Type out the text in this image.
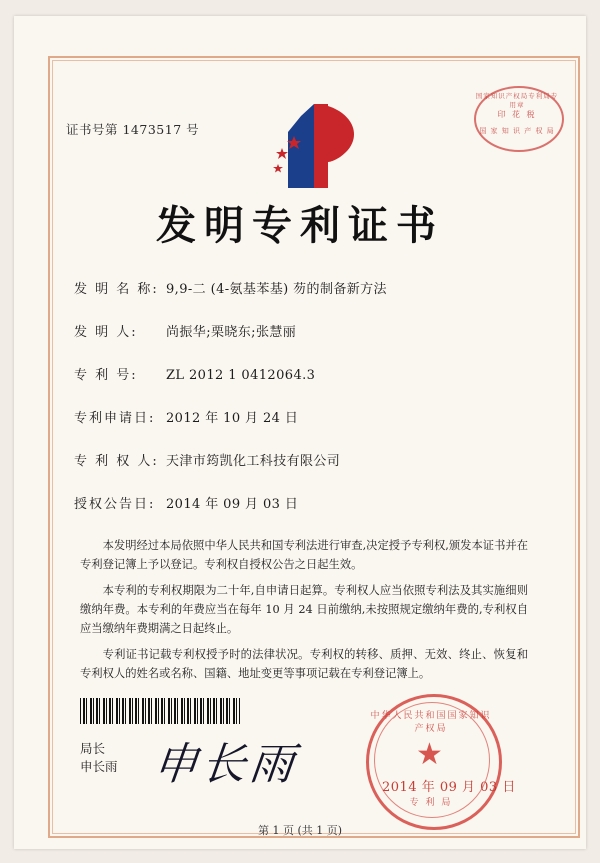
国家知识产权局专利局专用章
印 花 税
国 家 知 识 产 权 局
证书号第 1473517 号
发明专利证书
发 明 名 称: 9,9-二 (4-氨基苯基) 芴的制备新方法
发 明 人:	尚振华;栗晓东;张慧丽
专 利 号:	ZL 2012 1 0412064.3
专利申请日: 2012 年 10 月 24 日
专 利 权 人: 天津市筠凯化工科技有限公司
授权公告日: 2014 年 09 月 03 日

本发明经过本局依照中华人民共和国专利法进行审查,决定授予专利权,颁发本证书并在专利登记簿上予以登记。专利权自授权公告之日起生效。

本专利的专利权期限为二十年,自申请日起算。专利权人应当依照专利法及其实施细则缴纳年费。本专利的年费应当在每年 10 月 24 日前缴纳,未按照规定缴纳年费的,专利权自应当缴纳年费期满之日起终止。

专利证书记载专利权授予时的法律状况。专利权的转移、质押、无效、终止、恢复和专利权人的姓名或名称、国籍、地址变更等事项记载在专利登记簿上。

局长
申长雨 申长雨
中华人民共和国国家知识产权局
★
专 利 局
2014 年 09 月 03 日
第 1 页 (共 1 页)
